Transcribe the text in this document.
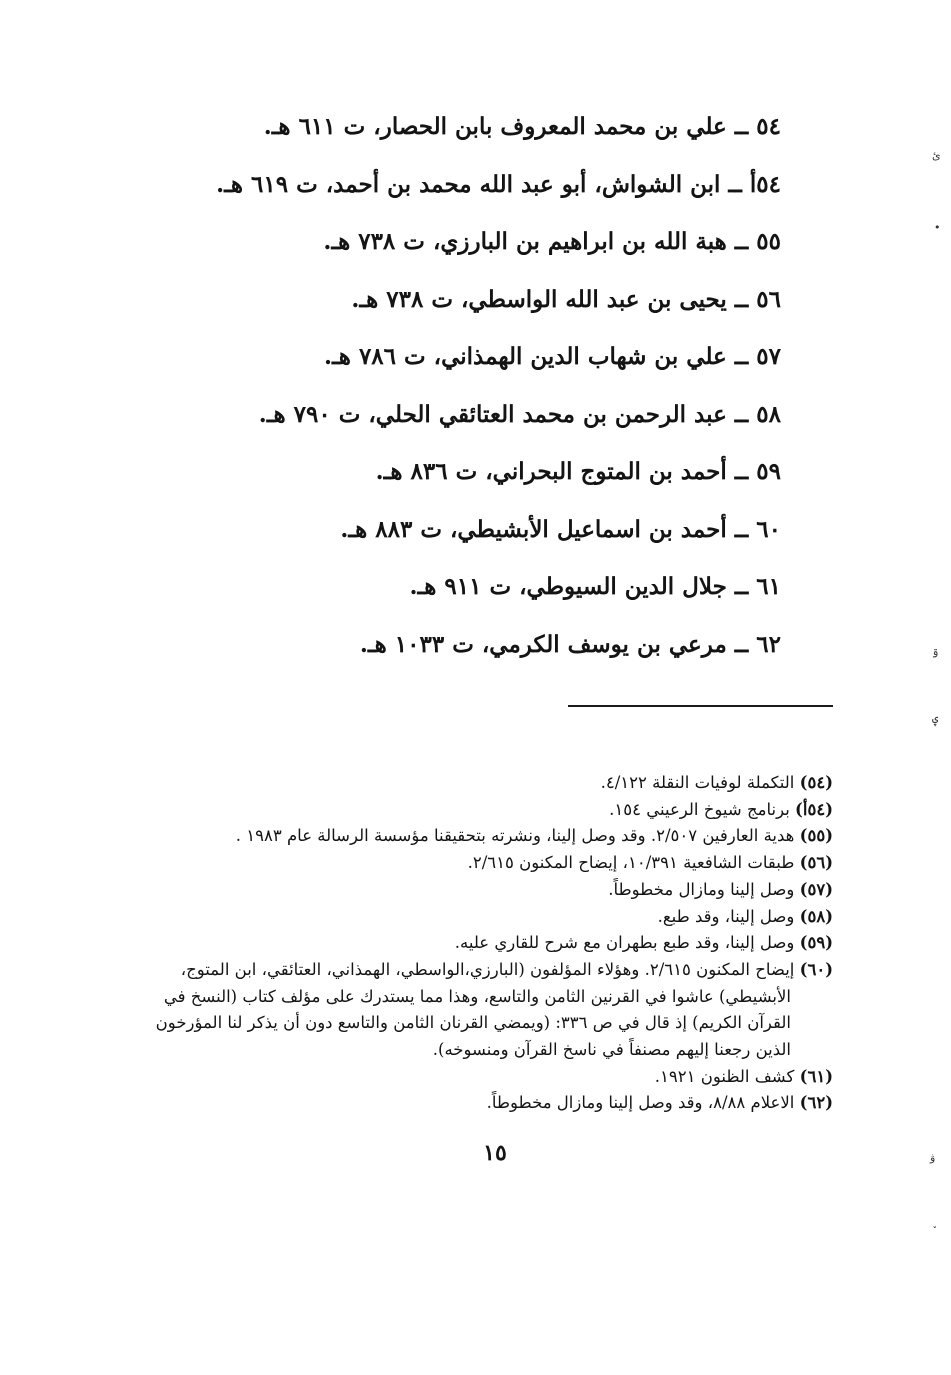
٥٤ ــ علي بن محمد المعروف بابن الحصار، ت ٦١١ هـ.
٥٤أ ــ ابن الشواش، أبو عبد الله محمد بن أحمد، ت ٦١٩ هـ.
٥٥ ــ هبة الله بن ابراهيم بن البارزي، ت ٧٣٨ هـ.
٥٦ ــ يحيى بن عبد الله الواسطي، ت ٧٣٨ هـ.
٥٧ ــ علي بن شهاب الدين الهمذاني، ت ٧٨٦ هـ.
٥٨ ــ عبد الرحمن بن محمد العتائقي الحلي، ت ٧٩٠ هـ.
٥٩ ــ أحمد بن المتوج البحراني، ت ٨٣٦ هـ.
٦٠ ــ أحمد بن اسماعيل الأبشيطي، ت ٨٨٣ هـ.
٦١ ــ جلال الدين السيوطي، ت ٩١١ هـ.
٦٢ ــ مرعي بن يوسف الكرمي، ت ١٠٣٣ هـ.
(٥٤) التكملة لوفيات النقلة ٤/١٢٢.
(٥٤أ) برنامج شيوخ الرعيني ١٥٤.
(٥٥) هدية العارفين ٢/٥٠٧. وقد وصل إلينا، ونشرته بتحقيقنا مؤسسة الرسالة عام ١٩٨٣ .
(٥٦) طبقات الشافعية ١٠/٣٩١، إيضاح المكنون ٢/٦١٥.
(٥٧) وصل إلينا ومازال مخطوطاً.
(٥٨) وصل إلينا، وقد طبع.
(٥٩) وصل إلينا، وقد طبع بطهران مع شرح للقاري عليه.
(٦٠) إيضاح المكنون ٢/٦١٥. وهؤلاء المؤلفون (البارزي،الواسطي، الهمذاني، العتائقي، ابن المتوج، الأبشيطي) عاشوا في القرنين الثامن والتاسع، وهذا مما يستدرك على مؤلف كتاب (النسخ في القرآن الكريم) إذ قال في ص ٣٣٦: (ويمضي القرنان الثامن والتاسع دون أن يذكر لنا المؤرخون الذين رجعنا إليهم مصنفاً في ناسخ القرآن ومنسوخه).
(٦١) كشف الظنون ١٩٢١.
(٦٢) الاعلام ٨/٨٨، وقد وصل إلينا ومازال مخطوطاً.
١٥
ئ
•
ۊ
ۑ
ۋ
